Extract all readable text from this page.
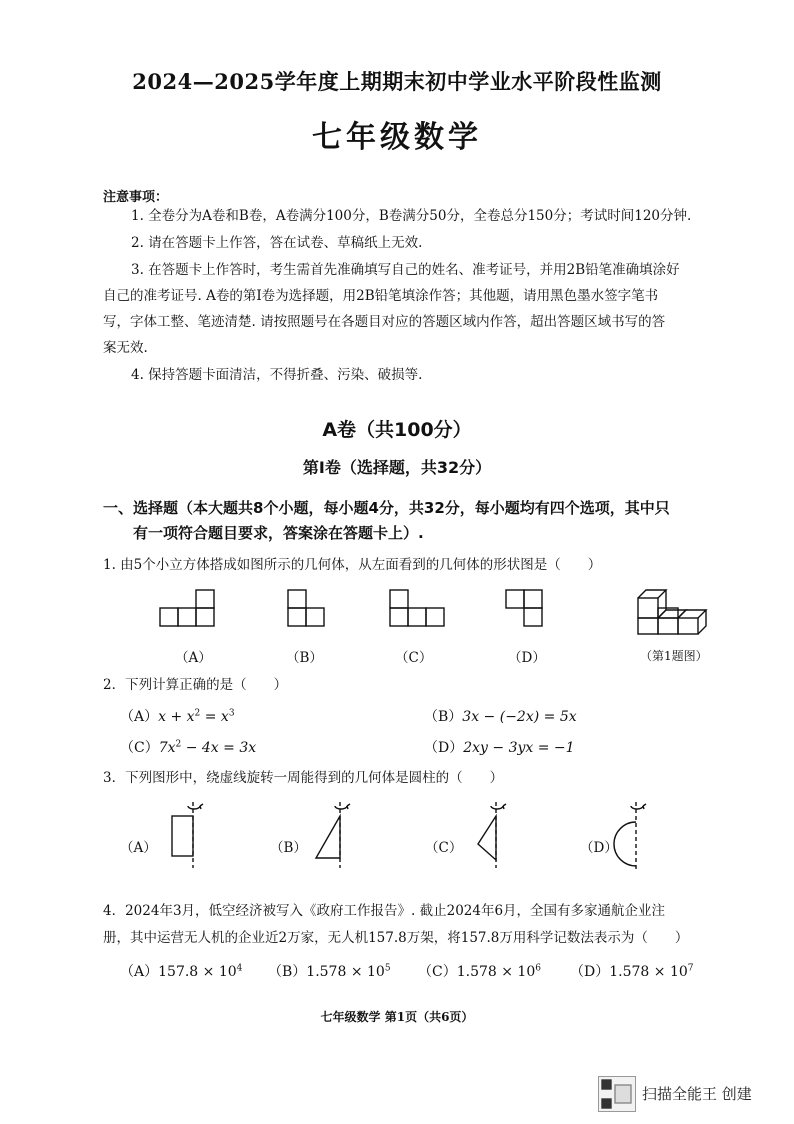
2024—2025学年度上期期末初中学业水平阶段性监测
七年级数学
注意事项：
1. 全卷分为A卷和B卷，A卷满分100分，B卷满分50分，全卷总分150分；考试时间120分钟.
2. 请在答题卡上作答，答在试卷、草稿纸上无效.
3. 在答题卡上作答时，考生需首先准确填写自己的姓名、准考证号，并用2B铅笔准确填涂好
自己的准考证号. A卷的第Ⅰ卷为选择题，用2B铅笔填涂作答；其他题，请用黑色墨水签字笔书
写，字体工整、笔迹清楚. 请按照题号在各题目对应的答题区域内作答，超出答题区域书写的答
案无效.
4. 保持答题卡面清洁，不得折叠、污染、破损等.
A卷（共100分）
第Ⅰ卷（选择题，共32分）
一、选择题（本大题共8个小题，每小题4分，共32分，每小题均有四个选项，其中只
有一项符合题目要求，答案涂在答题卡上）.
1. 由5个小立方体搭成如图所示的几何体，从左面看到的几何体的形状图是（　　）
（A）	（B）	（C）	（D）	（第1题图）
2．下列计算正确的是（　　）
$(A)x + x^2 = x^3$	（B）3x − (−2x) = 5x
$(C)7x^2 - 4x = 3x$	（D）2xy − 3yx = −1
3．下列图形中，绕虚线旋转一周能得到的几何体是圆柱的（　　）
（A）	（B）	（C）	（D）
4．2024年3月，低空经济被写入《政府工作报告》. 截止2024年6月，全国有多家通航企业注
册，其中运营无人机的企业近2万家，无人机157.8万架，将157.8万用科学记数法表示为（　　）
$(A)157.8 \times 10^4$ $(B)1.578 \times 10^5$ $(C)1.578 \times 10^6$ $(D)1.578 \times 10^7$
七年级数学 第1页（共6页）
扫描全能王 创建
